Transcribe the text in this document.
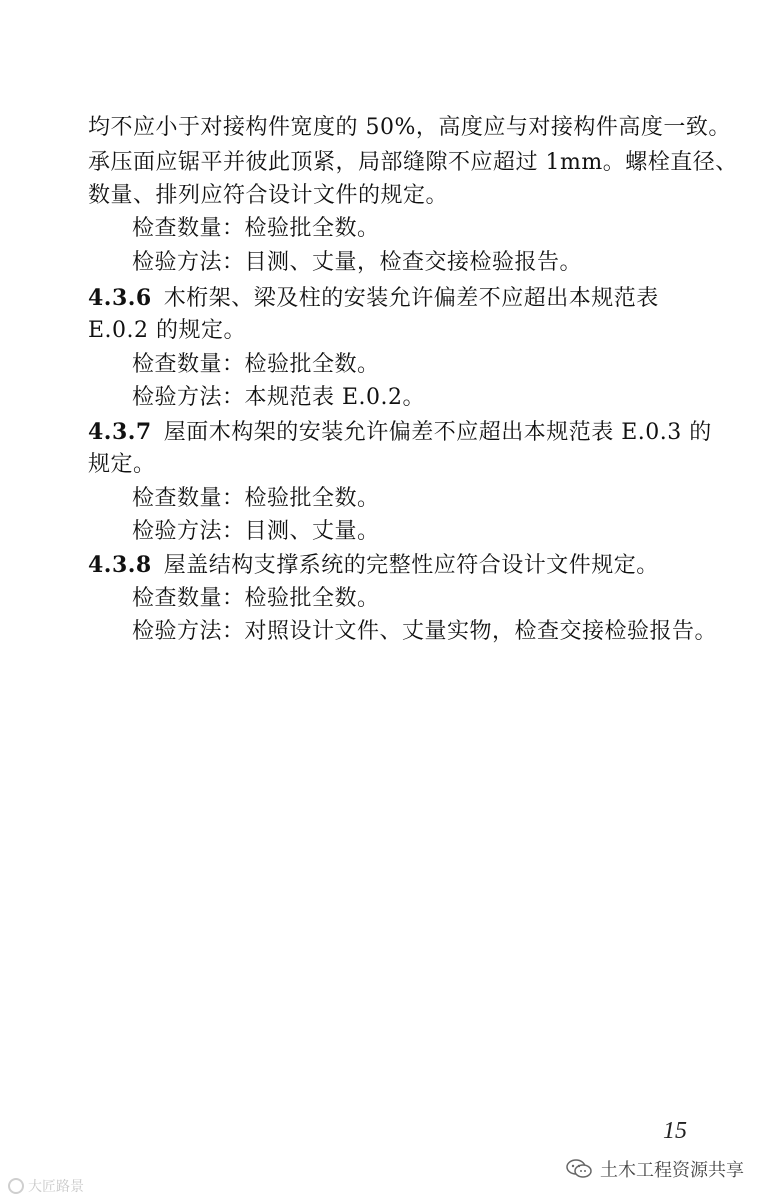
均不应小于对接构件宽度的 50%，高度应与对接构件高度一致。
承压面应锯平并彼此顶紧，局部缝隙不应超过 1mm。螺栓直径、
数量、排列应符合设计文件的规定。
检查数量：检验批全数。
检验方法：目测、丈量，检查交接检验报告。
4.3.6 木桁架、梁及柱的安装允许偏差不应超出本规范表
E.0.2 的规定。
检查数量：检验批全数。
检验方法：本规范表 E.0.2。
4.3.7 屋面木构架的安装允许偏差不应超出本规范表 E.0.3 的
规定。
检查数量：检验批全数。
检验方法：目测、丈量。
4.3.8 屋盖结构支撑系统的完整性应符合设计文件规定。
检查数量：检验批全数。
检验方法：对照设计文件、丈量实物，检查交接检验报告。
15
大匠路景
土木工程资源共享
